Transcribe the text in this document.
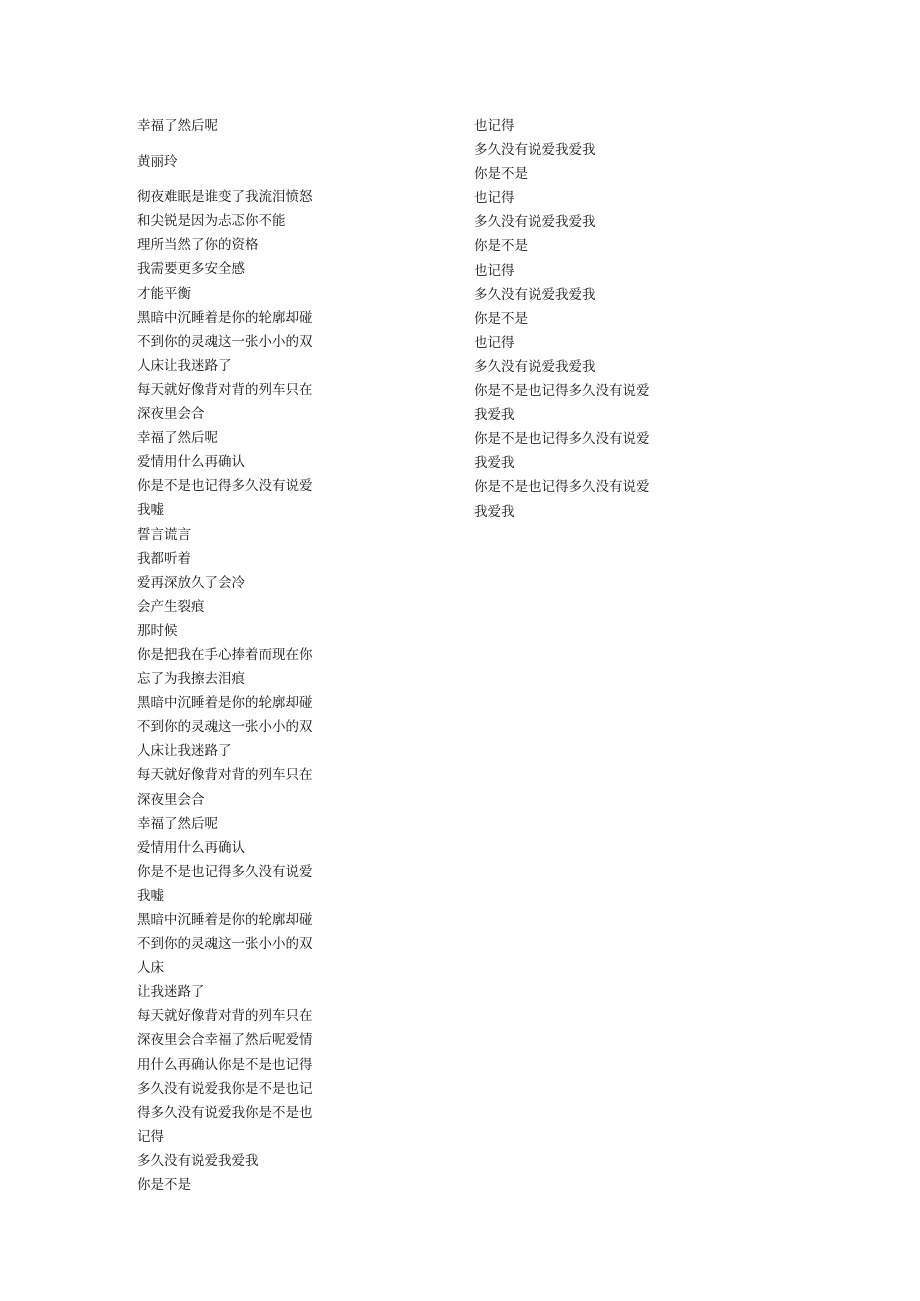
幸福了然后呢
黄丽玲
彻夜难眠是谁变了我流泪愤怒
和尖锐是因为忐忑你不能
理所当然了你的资格
我需要更多安全感
才能平衡
黑暗中沉睡着是你的轮廓却碰
不到你的灵魂这一张小小的双
人床让我迷路了
每天就好像背对背的列车只在
深夜里会合
幸福了然后呢
爱情用什么再确认
你是不是也记得多久没有说爱
我嘘
誓言谎言
我都听着
爱再深放久了会冷
会产生裂痕
那时候
你是把我在手心捧着而现在你
忘了为我擦去泪痕
黑暗中沉睡着是你的轮廓却碰
不到你的灵魂这一张小小的双
人床让我迷路了
每天就好像背对背的列车只在
深夜里会合
幸福了然后呢
爱情用什么再确认
你是不是也记得多久没有说爱
我嘘
黑暗中沉睡着是你的轮廓却碰
不到你的灵魂这一张小小的双
人床
让我迷路了
每天就好像背对背的列车只在
深夜里会合幸福了然后呢爱情
用什么再确认你是不是也记得
多久没有说爱我你是不是也记
得多久没有说爱我你是不是也
记得
多久没有说爱我爱我
你是不是
也记得
多久没有说爱我爱我
你是不是
也记得
多久没有说爱我爱我
你是不是
也记得
多久没有说爱我爱我
你是不是
也记得
多久没有说爱我爱我
你是不是也记得多久没有说爱
我爱我
你是不是也记得多久没有说爱
我爱我
你是不是也记得多久没有说爱
我爱我
